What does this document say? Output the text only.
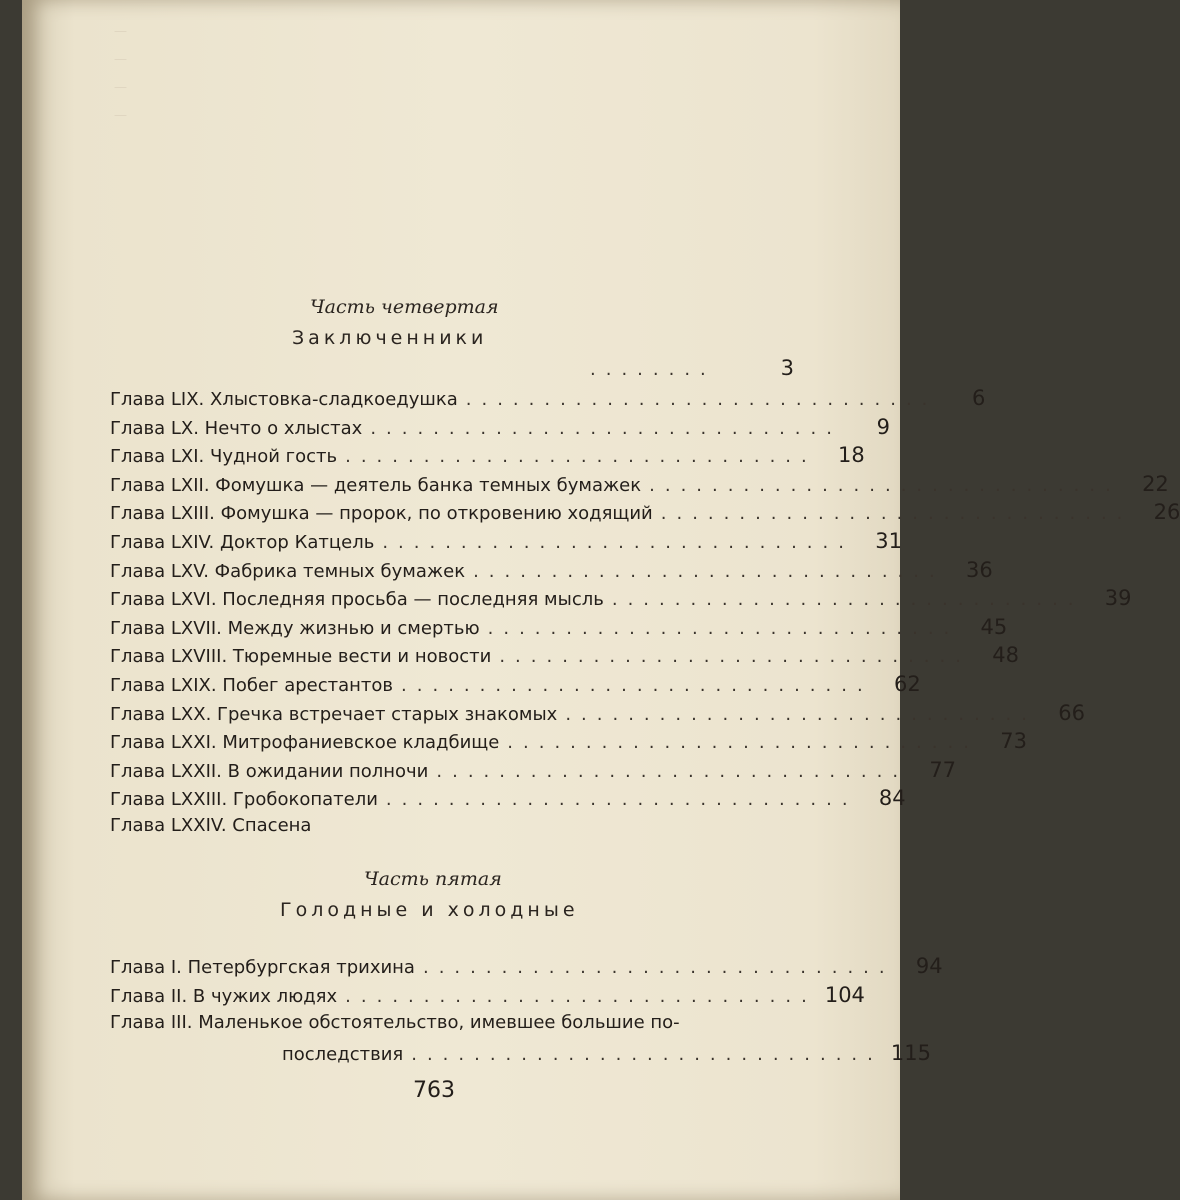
—
—
—
—
Часть четвертая
Заключенники
........	3
Глава LIX. Хлыстовка-сладкоедушка ..............................	6
Глава LX. Нечто о хлыстах ..............................	9
Глава LXI. Чудной гость ..............................	18
Глава LXII. Фомушка — деятель банка темных бумажек ..............................	22
Глава LXIII. Фомушка — пророк, по откровению ходящий ..............................	26
Глава LXIV. Доктор Катцель ..............................	31
Глава LXV. Фабрика темных бумажек ..............................	36
Глава LXVI. Последняя просьба — последняя мысль ..............................	39
Глава LXVII. Между жизнью и смертью ..............................	45
Глава LXVIII. Тюремные вести и новости ..............................	48
Глава LXIX. Побег арестантов ..............................	62
Глава LXX. Гречка встречает старых знакомых ..............................	66
Глава LXXI. Митрофаниевское кладбище ..............................	73
Глава LXXII. В ожидании полночи ..............................	77
Глава LXXIII. Гробокопатели ..............................	84
Глава LXXIV. Спасена
Часть пятая
Голодные и холодные
Глава I. Петербургская трихина ..............................	94
Глава II. В чужих людях .............................. 104
Глава III. Маленькое обстоятельство, имевшее большие по-
последствия .............................. 115
763
